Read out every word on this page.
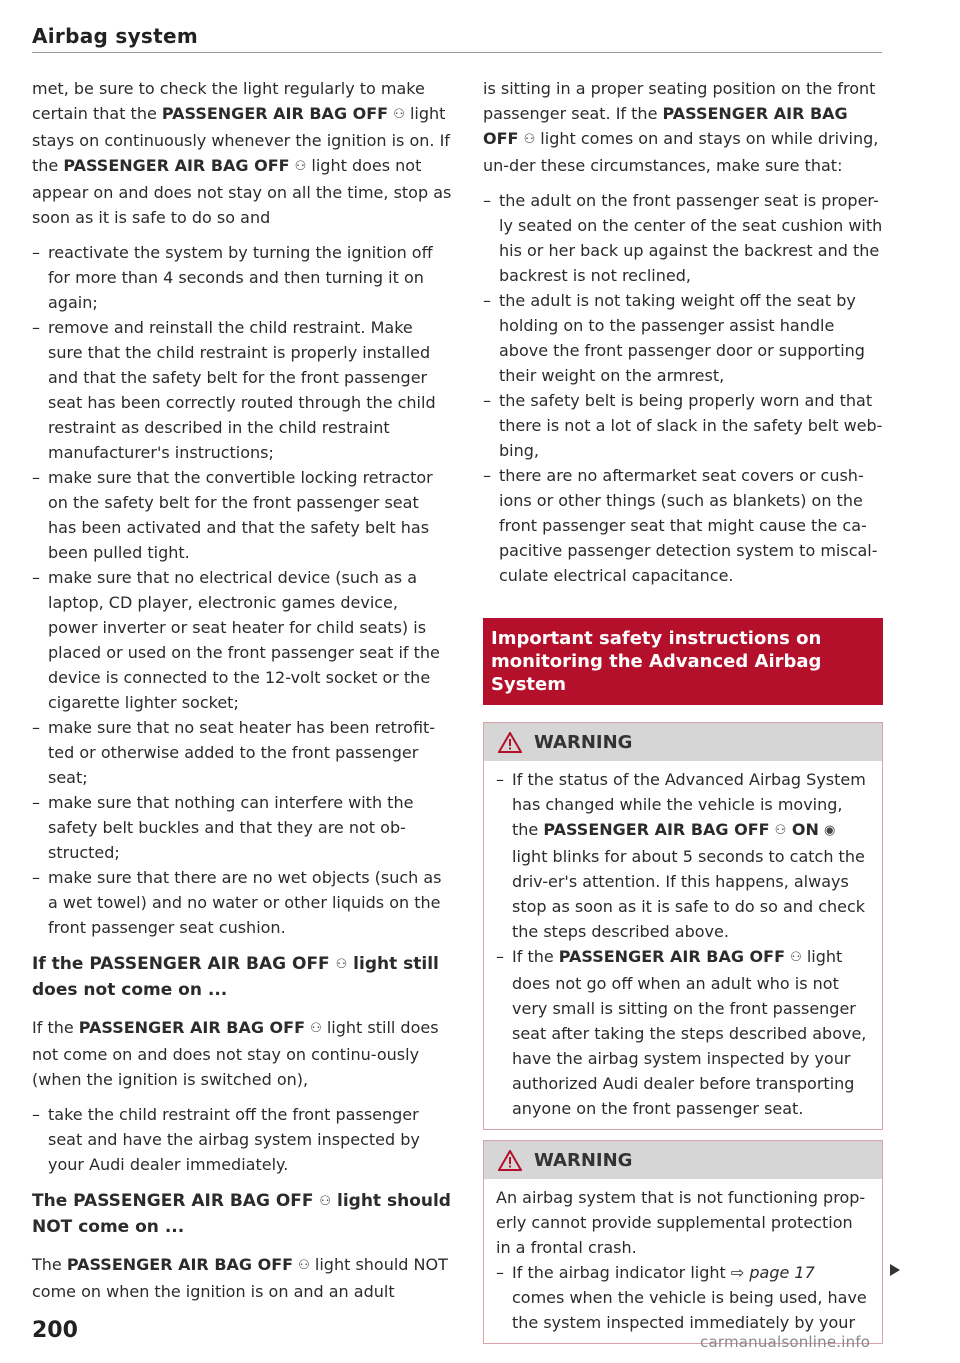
Airbag system

met, be sure to check the light regularly to make certain that the PASSENGER AIR BAG OFF ⚇ light stays on continuously whenever the ignition is on. If the PASSENGER AIR BAG OFF ⚇ light does not appear on and does not stay on all the time, stop as soon as it is safe to do so and

– reactivate the system by turning the ignition off for more than 4 seconds and then turning it on again;
– remove and reinstall the child restraint. Make sure that the child restraint is properly installed and that the safety belt for the front passenger seat has been correctly routed through the child restraint as described in the child restraint manufacturer's instructions;
– make sure that the convertible locking retractor on the safety belt for the front passenger seat has been activated and that the safety belt has been pulled tight.
– make sure that no electrical device (such as a laptop, CD player, electronic games device, power inverter or seat heater for child seats) is placed or used on the front passenger seat if the device is connected to the 12-volt socket or the cigarette lighter socket;
– make sure that no seat heater has been retrofit-ted or otherwise added to the front passenger seat;
– make sure that nothing can interfere with the safety belt buckles and that they are not ob-structed;
– make sure that there are no wet objects (such as a wet towel) and no water or other liquids on the front passenger seat cushion.
If the PASSENGER AIR BAG OFF ⚇ light still does not come on ...

If the PASSENGER AIR BAG OFF ⚇ light still does not come on and does not stay on continu-ously (when the ignition is switched on),

– take the child restraint off the front passenger seat and have the airbag system inspected by your Audi dealer immediately.
The PASSENGER AIR BAG OFF ⚇ light should NOT come on ...

The PASSENGER AIR BAG OFF ⚇ light should NOT come on when the ignition is on and an adult

is sitting in a proper seating position on the front passenger seat. If the PASSENGER AIR BAG OFF ⚇ light comes on and stays on while driving, un-der these circumstances, make sure that:

– the adult on the front passenger seat is proper-ly seated on the center of the seat cushion with his or her back up against the backrest and the backrest is not reclined,
– the adult is not taking weight off the seat by holding on to the passenger assist handle above the front passenger door or supporting their weight on the armrest,
– the safety belt is being properly worn and that there is not a lot of slack in the safety belt web-bing,
– there are no aftermarket seat covers or cush-ions or other things (such as blankets) on the front passenger seat that might cause the ca-pacitive passenger detection system to miscal-culate electrical capacitance.
Important safety instructions on monitoring the Advanced Airbag System
WARNING
– If the status of the Advanced Airbag System has changed while the vehicle is moving, the PASSENGER AIR BAG OFF ⚇ ON ◉ light blinks for about 5 seconds to catch the driv-er's attention. If this happens, always stop as soon as it is safe to do so and check the steps described above.
– If the PASSENGER AIR BAG OFF ⚇ light does not go off when an adult who is not very small is sitting on the front passenger seat after taking the steps described above, have the airbag system inspected by your authorized Audi dealer before transporting anyone on the front passenger seat.
WARNING

An airbag system that is not functioning prop-erly cannot provide supplemental protection in a frontal crash.

– If the airbag indicator light ⇨ page 17 comes when the vehicle is being used, have the system inspected immediately by your
200	carmanualsonline.info
